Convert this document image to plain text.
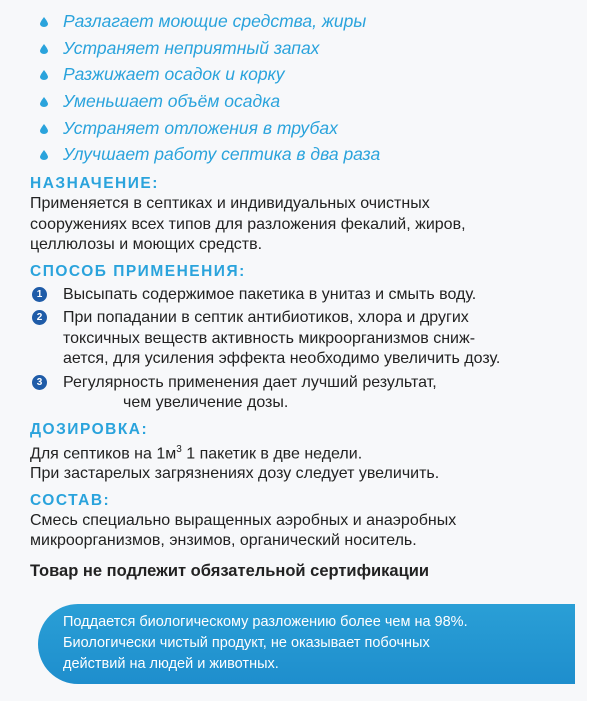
Разлагает моющие средства, жиры
Устраняет неприятный запах
Разжижает осадок и корку
Уменьшает объём осадка
Устраняет отложения в трубах
Улучшает работу септика в два раза
НАЗНАЧЕНИЕ:
Применяется в септиках и индивидуальных очистных
сооружениях всех типов для разложения фекалий, жиров,
целлюлозы и моющих средств.
СПОСОБ ПРИМЕНЕНИЯ:
1 Высыпать содержимое пакетика в унитаз и смыть воду.
2 При попадании в септик антибиотиков, хлора и других
токсичных веществ активность микроорганизмов сниж-
ается, для усиления эффекта необходимо увеличить дозу.
3 Регулярность применения дает лучший результат,
чем увеличение дозы.
ДОЗИРОВКА:
Для септиков на $1м^3$ 1 пакетик в две недели.
При застарелых загрязнениях дозу следует увеличить.
СОСТАВ:
Смесь специально выращенных аэробных и анаэробных
микроорганизмов, энзимов, органический носитель.
Товар не подлежит обязательной сертификации
Поддается биологическому разложению более чем на 98%.
Биологически чистый продукт, не оказывает побочных
действий на людей и животных.
